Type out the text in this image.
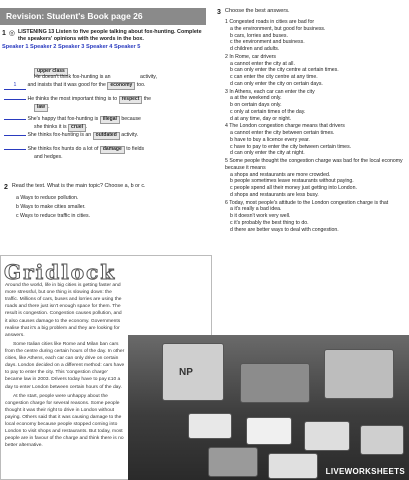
Revision: Student's Book page 26
1 ◎ LISTENING 13 Listen to five people talking about fox-hunting. Complete the speakers' opinions with the words in the box.
Speaker 1 Speaker 2 Speaker 3 Speaker 4 Speaker 5
upper class
He doesn't think fox-hunting is an	activity,
1 and insists that it was good for the economy too.
He thinks the most important thing is to respect the
law .
She's happy that fox-hunting is illegal because
she thinks it is cruel .
She thinks fox-hunting is an outdated activity.
She thinks fox hunts do a lot of damage to fields
and hedges.
2 Read the text. What is the main topic? Choose a, b or c.
a Ways to reduce pollution.
b Ways to make cities smaller.
c Ways to reduce traffic in cities.
Gridlock

Around the world, life in big cities is getting faster and more stressful, but one thing is slowing down: the traffic. Millions of cars, buses and lorries are using the roads and there just isn't enough space for them. The result is congestion. Congestion causes pollution, and it also causes damage to the economy. Governments realise that it's a big problem and they are looking for answers.

Some Italian cities like Rome and Milan ban cars from the centre during certain hours of the day. In other cities, like Athens, each car can only drive on certain days. London decided on a different method: cars have to pay to enter the city. This 'congestion charge' became law in 2003. Drivers today have to pay £10 a day to enter London between certain hours of the day.

At the start, people were unhappy about the congestion charge for several reasons. Some people thought it was their right to drive in London without paying. Others said that it was causing damage to the local economy because people stopped coming into London to visit shops and restaurants. But today, most people are in favour of the charge and think there is no better alternative.

3 Choose the best answers.
1 Congested roads in cities are bad for
a the environment, but good for business.
b cars, lorries and buses.
c the environment and business.
d children and adults.
2 In Rome, car drivers
a cannot enter the city at all.
b can only enter the city centre at certain times.
c can enter the city centre at any time.
d can only enter the city on certain days.
3 In Athens, each car can enter the city
a at the weekend only.
b on certain days only.
c only at certain times of the day.
d at any time, day or night.
4 The London congestion charge means that drivers
a cannot enter the city between certain times.
b have to buy a licence every year.
c have to pay to enter the city between certain times.
d can only enter the city at night.
5 Some people thought the congestion charge was bad for the local economy because it means
a shops and restaurants are more crowded.
b people sometimes leave restaurants without paying.
c people spend all their money just getting into London.
d shops and restaurants are less busy.
6 Today, most people's attitude to the London congestion charge is that
a it's really a bad idea.
b it doesn't work very well.
c it's probably the best thing to do.
d there are better ways to deal with congestion.
NP
LIVEWORKSHEETS
